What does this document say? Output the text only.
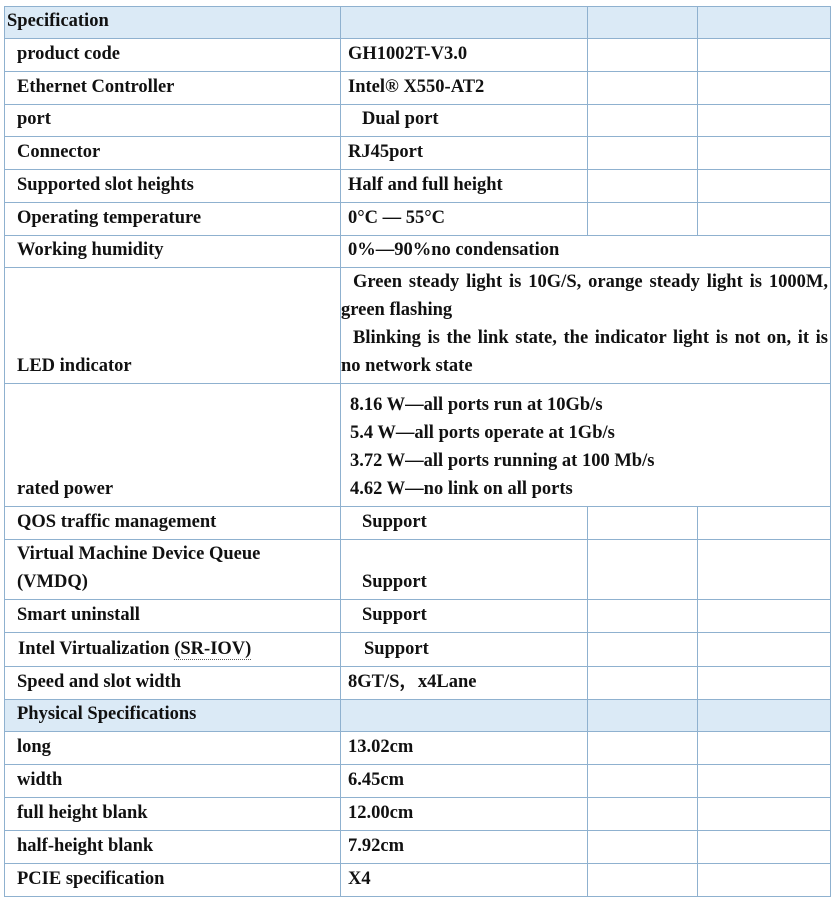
Specification			
product code	GH1002T-V3.0		
Ethernet Controller	Intel® X550-AT2		
port	Dual port		
Connector	RJ45port		
Supported slot heights	Half and full height		
Operating temperature	0°C — 55°C		
Working humidity	0%—90%no condensation		
LED indicator	Green steady light is 10G/S, orange steady light is 1000M, green flashing
Blinking is the link state, the indicator light is not on, it is no network state		

rated power	8.16 W—all ports run at 10Gb/s
5.4 W—all ports operate at 1Gb/s
3.72 W—all ports running at 100 Mb/s
4.62 W—no link on all ports		

QOS traffic management	Support		

Virtual Machine Device Queue
(VMDQ)	Support		
Smart uninstall	Support		
Intel Virtualization (SR-IOV)	Support		
Speed and slot width	8GT/S，x4Lane		
Physical Specifications			
long	13.02cm		
width	6.45cm		
full height blank	12.00cm		
half-height blank	7.92cm		
PCIE specification	X4		
